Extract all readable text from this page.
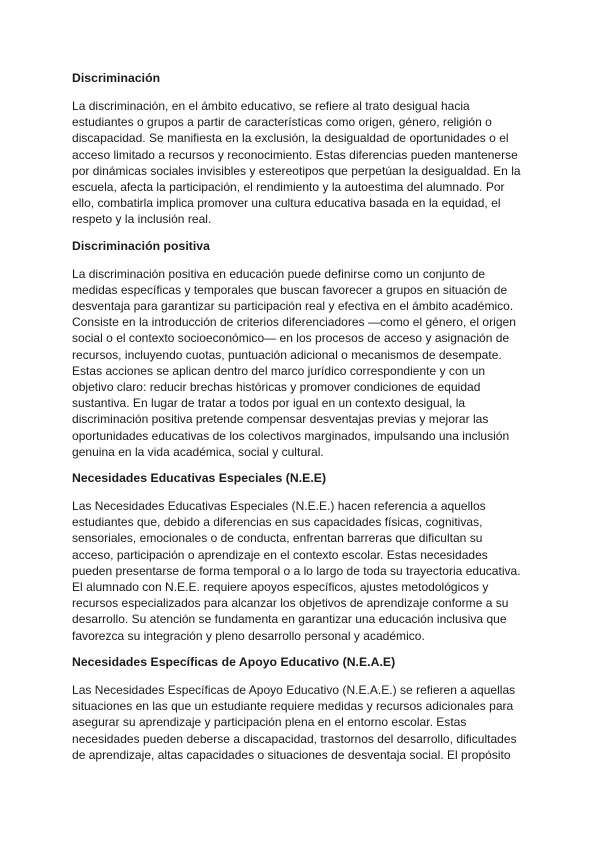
Discriminación

La discriminación, en el ámbito educativo, se refiere al trato desigual hacia estudiantes o grupos a partir de características como origen, género, religión o discapacidad. Se manifiesta en la exclusión, la desigualdad de oportunidades o el acceso limitado a recursos y reconocimiento. Estas diferencias pueden mantenerse por dinámicas sociales invisibles y estereotipos que perpetúan la desigualdad. En la escuela, afecta la participación, el rendimiento y la autoestima del alumnado. Por ello, combatirla implica promover una cultura educativa basada en la equidad, el respeto y la inclusión real.

Discriminación positiva

La discriminación positiva en educación puede definirse como un conjunto de medidas específicas y temporales que buscan favorecer a grupos en situación de desventaja para garantizar su participación real y efectiva en el ámbito académico. Consiste en la introducción de criterios diferenciadores —como el género, el origen social o el contexto socioeconómico— en los procesos de acceso y asignación de recursos, incluyendo cuotas, puntuación adicional o mecanismos de desempate. Estas acciones se aplican dentro del marco jurídico correspondiente y con un objetivo claro: reducir brechas históricas y promover condiciones de equidad sustantiva. En lugar de tratar a todos por igual en un contexto desigual, la discriminación positiva pretende compensar desventajas previas y mejorar las oportunidades educativas de los colectivos marginados, impulsando una inclusión genuina en la vida académica, social y cultural.

Necesidades Educativas Especiales (N.E.E)

Las Necesidades Educativas Especiales (N.E.E.) hacen referencia a aquellos estudiantes que, debido a diferencias en sus capacidades físicas, cognitivas, sensoriales, emocionales o de conducta, enfrentan barreras que dificultan su acceso, participación o aprendizaje en el contexto escolar. Estas necesidades pueden presentarse de forma temporal o a lo largo de toda su trayectoria educativa. El alumnado con N.E.E. requiere apoyos específicos, ajustes metodológicos y recursos especializados para alcanzar los objetivos de aprendizaje conforme a su desarrollo. Su atención se fundamenta en garantizar una educación inclusiva que favorezca su integración y pleno desarrollo personal y académico.

Necesidades Específicas de Apoyo Educativo (N.E.A.E)

Las Necesidades Específicas de Apoyo Educativo (N.E.A.E.) se refieren a aquellas situaciones en las que un estudiante requiere medidas y recursos adicionales para asegurar su aprendizaje y participación plena en el entorno escolar. Estas necesidades pueden deberse a discapacidad, trastornos del desarrollo, dificultades de aprendizaje, altas capacidades o situaciones de desventaja social. El propósito
